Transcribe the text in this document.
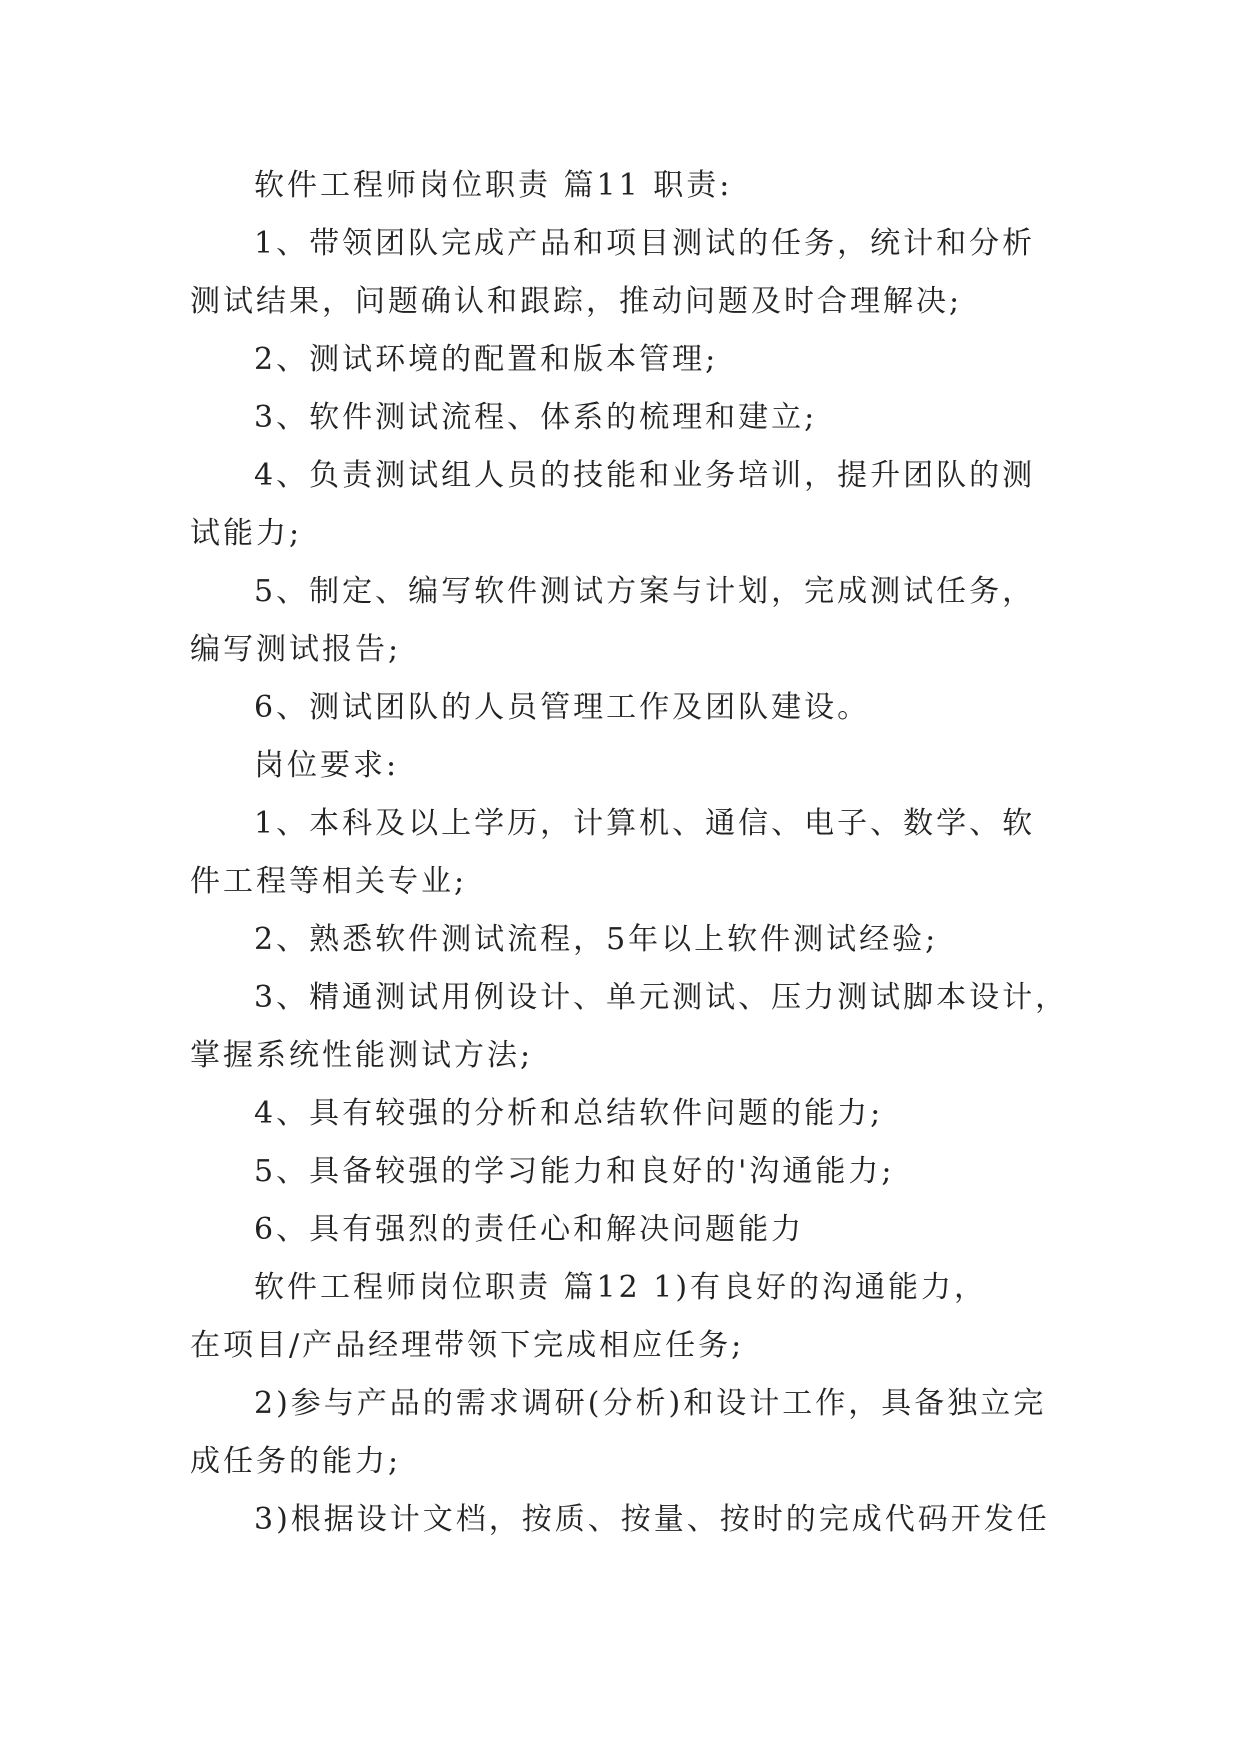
软件工程师岗位职责 篇11 职责:
1、带领团队完成产品和项目测试的任务，统计和分析
测试结果，问题确认和跟踪，推动问题及时合理解决;
2、测试环境的配置和版本管理;
3、软件测试流程、体系的梳理和建立;
4、负责测试组人员的技能和业务培训，提升团队的测
试能力;
5、制定、编写软件测试方案与计划，完成测试任务，
编写测试报告;
6、测试团队的人员管理工作及团队建设。
岗位要求:
1、本科及以上学历，计算机、通信、电子、数学、软
件工程等相关专业;
2、熟悉软件测试流程，5年以上软件测试经验;
3、精通测试用例设计、单元测试、压力测试脚本设计，
掌握系统性能测试方法;
4、具有较强的分析和总结软件问题的能力;
5、具备较强的学习能力和良好的'沟通能力;
6、具有强烈的责任心和解决问题能力
软件工程师岗位职责 篇12 1)有良好的沟通能力，
在项目/产品经理带领下完成相应任务;
2)参与产品的需求调研(分析)和设计工作，具备独立完
成任务的能力;
3)根据设计文档，按质、按量、按时的完成代码开发任
